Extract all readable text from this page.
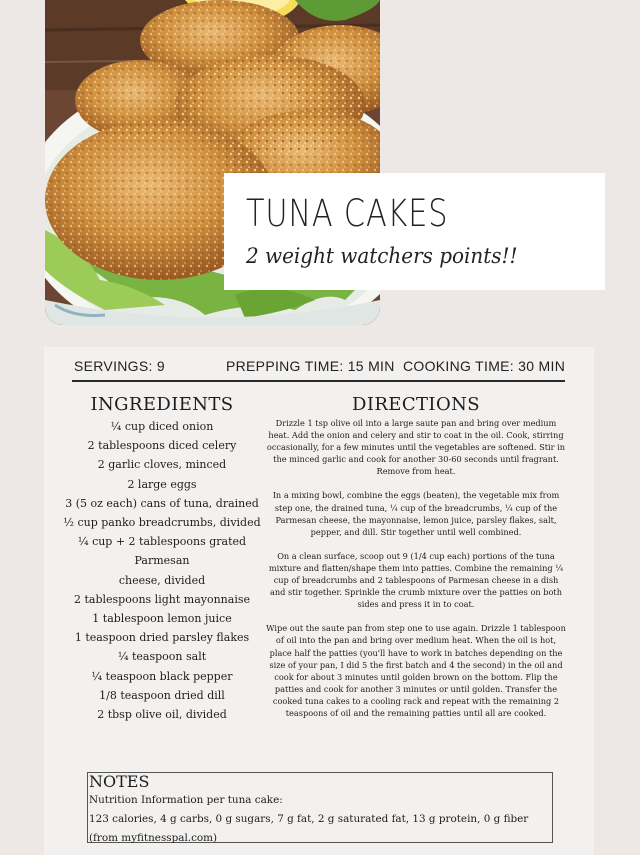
TUNA CAKES
2 weight watchers points!!
SERVINGS: 9	PREPPING TIME: 15 MIN COOKING TIME: 30 MIN
INGREDIENTS
¼ cup diced onion
2 tablespoons diced celery
2 garlic cloves, minced
2 large eggs
3 (5 oz each) cans of tuna, drained
½ cup panko breadcrumbs, divided
¼ cup + 2 tablespoons grated Parmesan
cheese, divided
2 tablespoons light mayonnaise
1 tablespoon lemon juice
1 teaspoon dried parsley flakes
¼ teaspoon salt
¼ teaspoon black pepper
1/8 teaspoon dried dill
2 tbsp olive oil, divided
DIRECTIONS

Drizzle 1 tsp olive oil into a large saute pan and bring over medium heat. Add the onion and celery and stir to coat in the oil. Cook, stirring occasionally, for a few minutes until the vegetables are softened. Stir in the minced garlic and cook for another 30-60 seconds until fragrant. Remove from heat.

In a mixing bowl, combine the eggs (beaten), the vegetable mix from step one, the drained tuna, ¼ cup of the breadcrumbs, ¼ cup of the Parmesan cheese, the mayonnaise, lemon juice, parsley flakes, salt, pepper, and dill. Stir together until well combined.

On a clean surface, scoop out 9 (1/4 cup each) portions of the tuna mixture and flatten/shape them into patties. Combine the remaining ¼ cup of breadcrumbs and 2 tablespoons of Parmesan cheese in a dish and stir together. Sprinkle the crumb mixture over the patties on both sides and press it in to coat.

Wipe out the saute pan from step one to use again. Drizzle 1 tablespoon of oil into the pan and bring over medium heat. When the oil is hot, place half the patties (you'll have to work in batches depending on the size of your pan, I did 5 the first batch and 4 the second) in the oil and cook for about 3 minutes until golden brown on the bottom. Flip the patties and cook for another 3 minutes or until golden. Transfer the cooked tuna cakes to a cooling rack and repeat with the remaining 2 teaspoons of oil and the remaining patties until all are cooked.

NOTES

Nutrition Information per tuna cake:

123 calories, 4 g carbs, 0 g sugars, 7 g fat, 2 g saturated fat, 13 g protein, 0 g fiber (from myfitnesspal.com)
